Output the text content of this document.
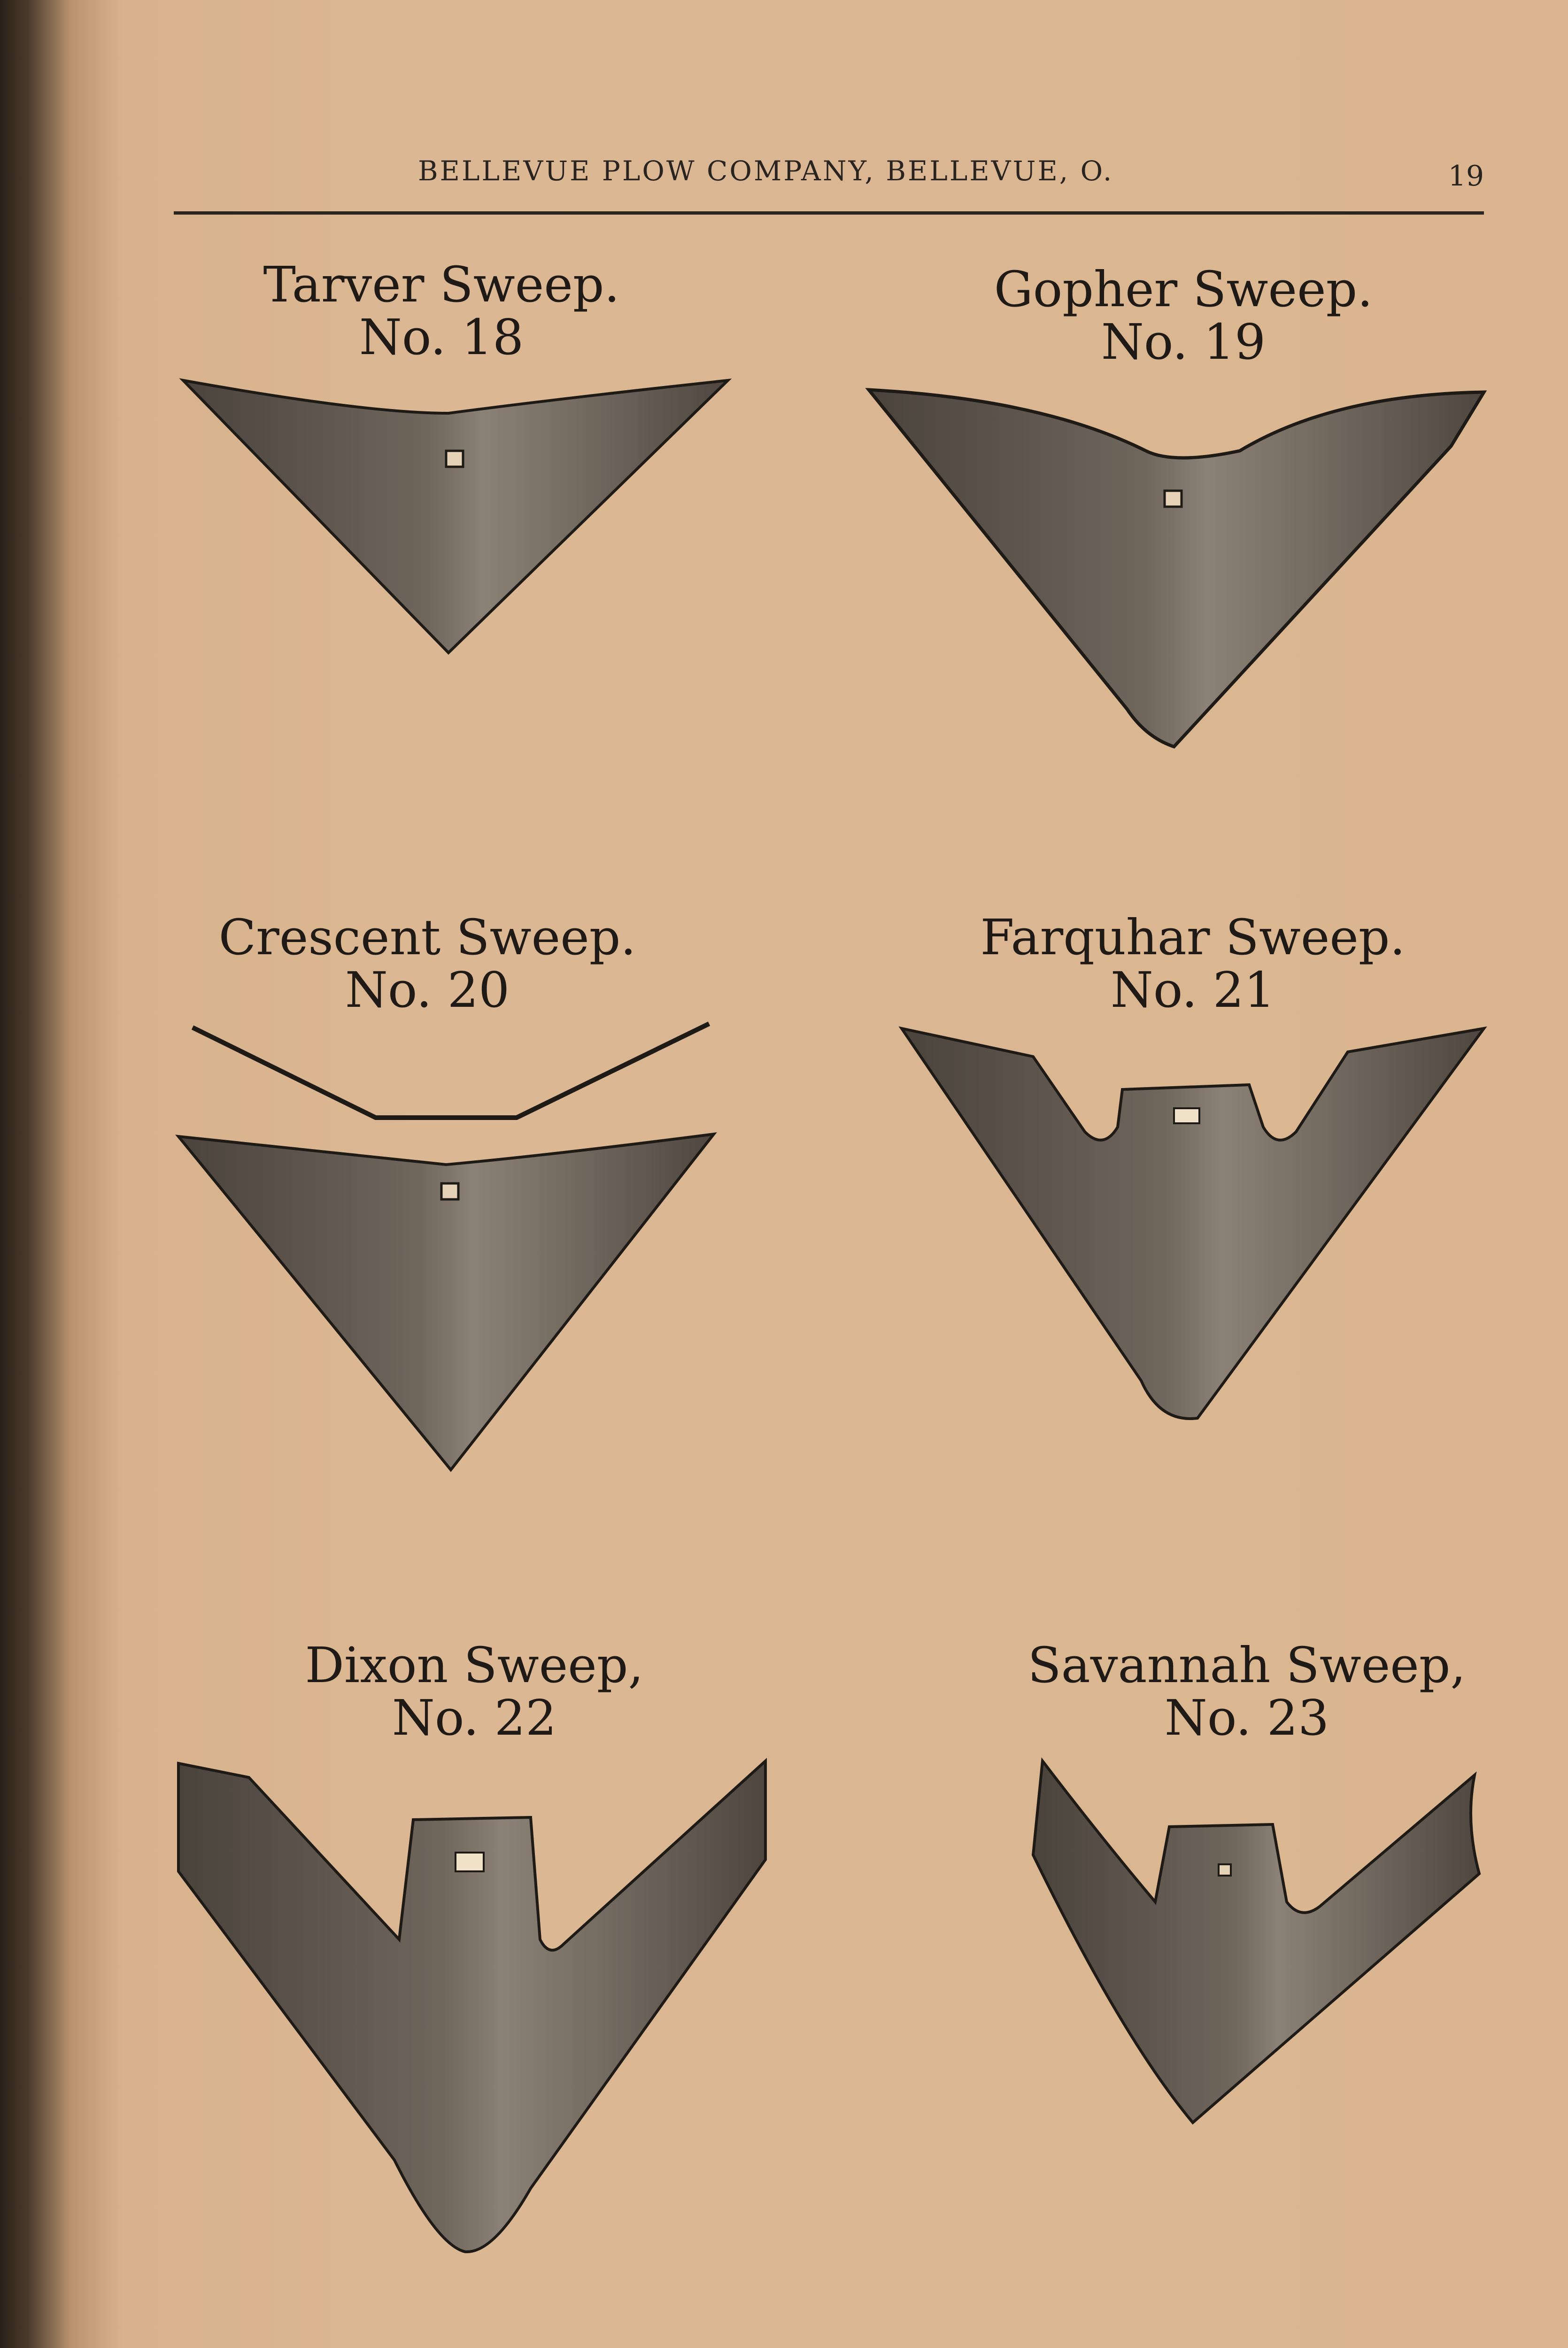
BELLEVUE PLOW COMPANY, BELLEVUE, O.	19
Tarver Sweep.
No. 18
Gopher Sweep.
No. 19
Crescent Sweep.
No. 20
Farquhar Sweep.
No. 21
Dixon Sweep,
No. 22
Savannah Sweep,
No. 23
